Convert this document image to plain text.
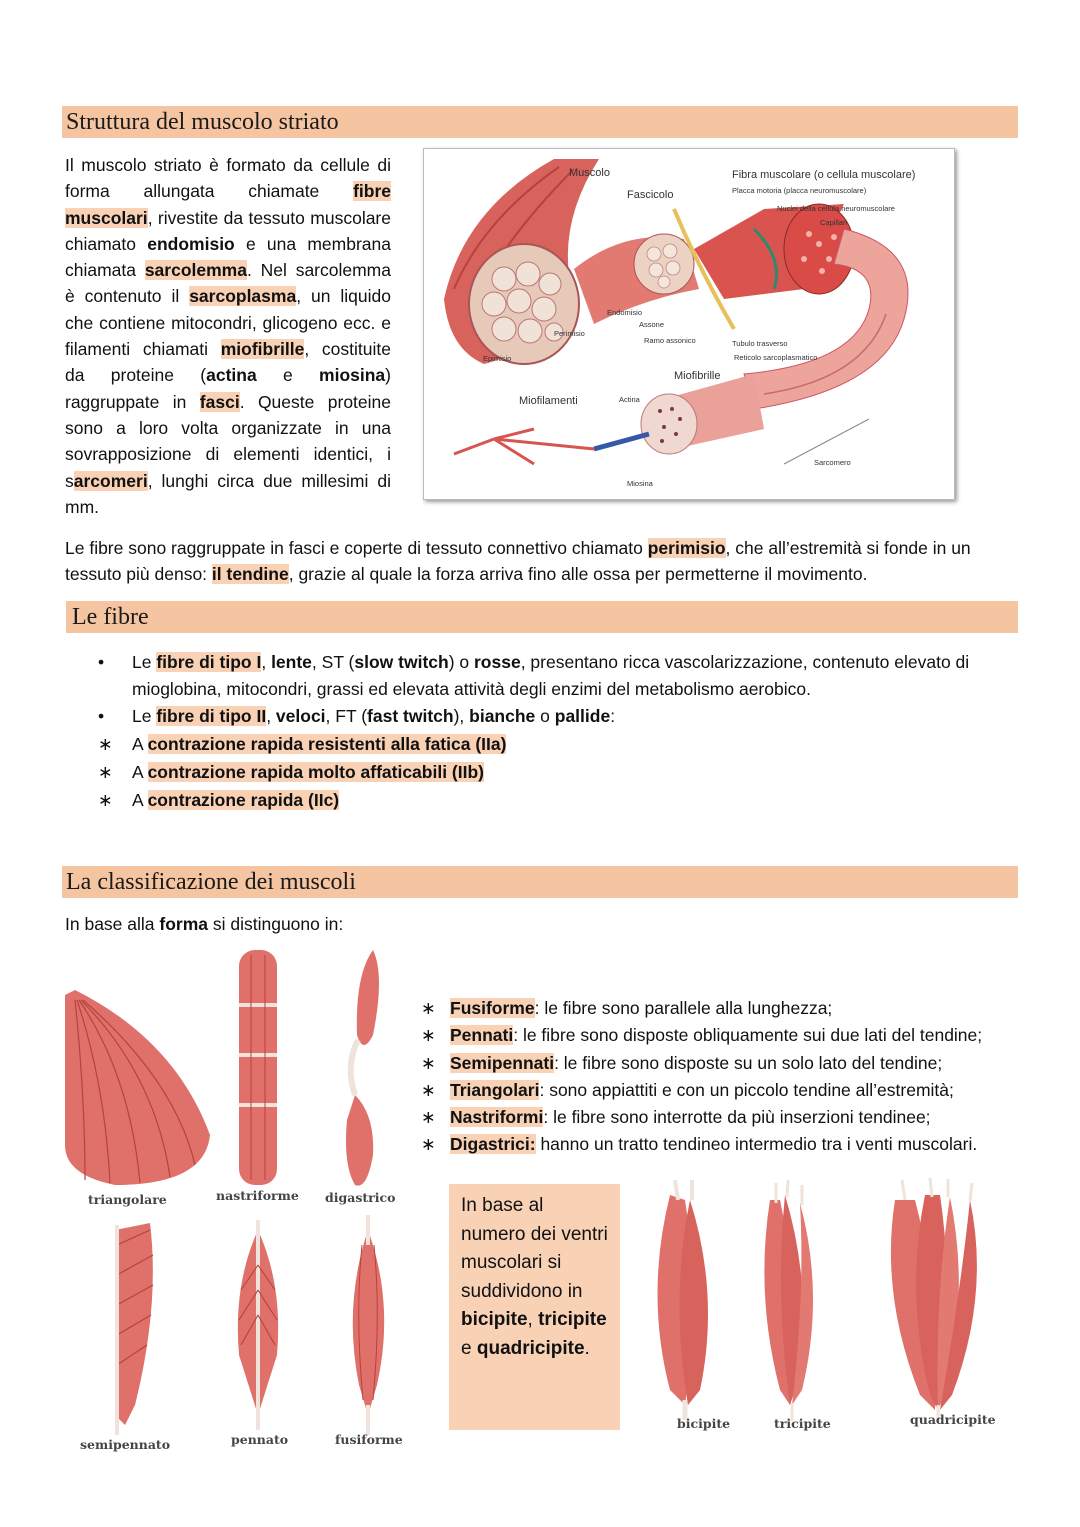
Struttura del muscolo striato
Il muscolo striato è formato da cellule di forma allungata chiamate fibre muscolari, rivestite da tessuto muscolare chiamato endomisio e una membrana chiamata sarcolemma. Nel sarcolemma è contenuto il sarcoplasma, un liquido che contiene mitocondri, glicogeno ecc. e filamenti chiamati miofibrille, costituite da proteine (actina e miosina) raggruppate in fasci. Queste proteine sono a loro volta organizzate in una sovrapposizione di elementi identici, i sarcomeri, lunghi circa due millesimi di mm.
Muscolo
Fascicolo
Fibra muscolare (o cellula muscolare)
Placca motoria (placca neuromuscolare)
Nuclei della cellula neuromuscolare
Capillari
Endomisio
Assone
Perimisio
Ramo assonico	Tubulo trasverso
Reticolo sarcoplasmatico
Epimisio
Miofibrille
Miofilamenti	Actina
Sarcomero
Miosina
Le fibre sono raggruppate in fasci e coperte di tessuto connettivo chiamato perimisio, che all’estremità si fonde in un tessuto più denso: il tendine, grazie al quale la forza arriva fino alle ossa per permetterne il movimento.
Le fibre
• Le fibre di tipo I, lente, ST (slow twitch) o rosse, presentano ricca vascolarizzazione, contenuto elevato di mioglobina, mitocondri, grassi ed elevata attività degli enzimi del metabolismo aerobico.
• Le fibre di tipo II, veloci, FT (fast twitch), bianche o pallide:
∗ A contrazione rapida resistenti alla fatica (IIa)
∗ A contrazione rapida molto affaticabili (IIb)
∗ A contrazione rapida (IIc)
La classificazione dei muscoli
In base alla forma si distinguono in:
triangolare	nastriforme digastrico
semipennato	pennato	fusiforme
∗ Fusiforme: le fibre sono parallele alla lunghezza;
∗ Pennati: le fibre sono disposte obliquamente sui due lati del tendine;
∗ Semipennati: le fibre sono disposte su un solo lato del tendine;
∗ Triangolari: sono appiattiti e con un piccolo tendine all’estremità;
∗ Nastriformi: le fibre sono interrotte da più inserzioni tendinee;
∗ Digastrici: hanno un tratto tendineo intermedio tra i venti muscolari.
In base al numero dei ventri muscolari si suddividono in bicipite, tricipite e quadricipite.
bicipite	tricipite	quadricipite
